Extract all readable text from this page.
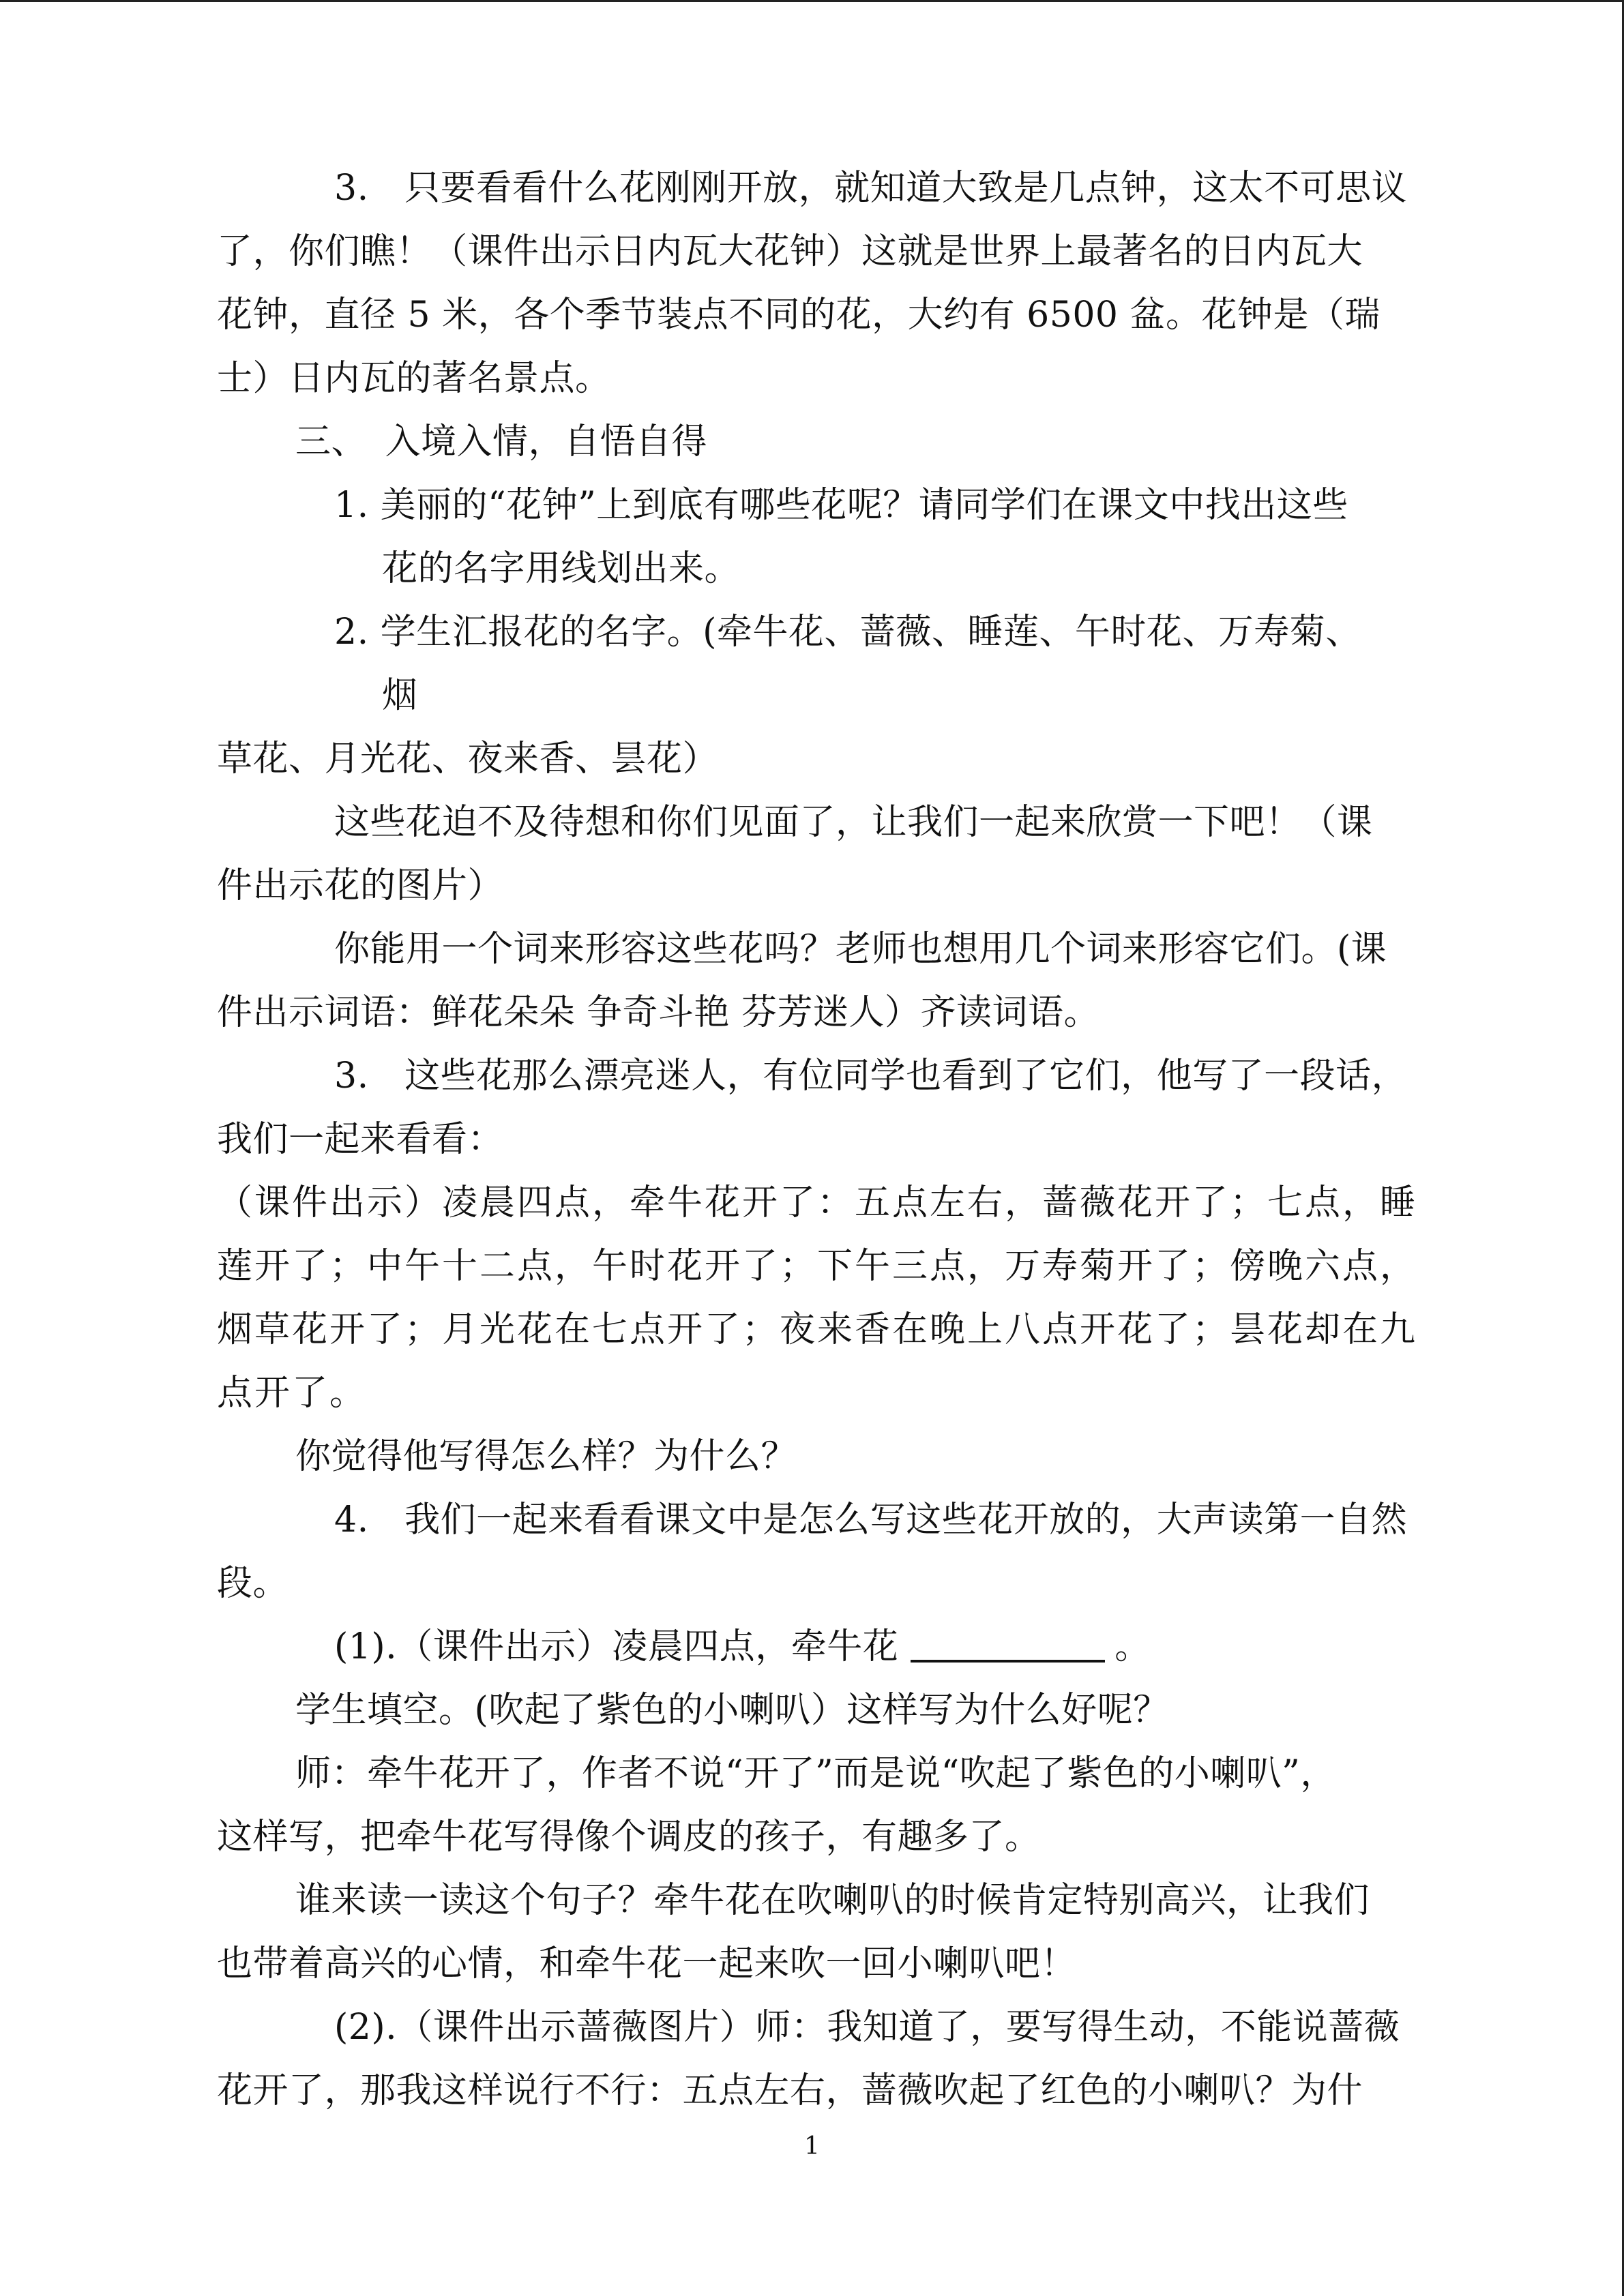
3.　只要看看什么花刚刚开放，就知道大致是几点钟，这太不可思议
了，你们瞧！（课件出示日内瓦大花钟）这就是世界上最著名的日内瓦大
花钟，直径 5 米，各个季节装点不同的花，大约有 6500 盆。花钟是（瑞
士）日内瓦的著名景点。
三、　入境入情，自悟自得
1. 美丽的“花钟”上到底有哪些花呢？请同学们在课文中找出这些
花的名字用线划出来。
2. 学生汇报花的名字。(牵牛花、蔷薇、睡莲、午时花、万寿菊、
烟
草花、月光花、夜来香、昙花）
这些花迫不及待想和你们见面了，让我们一起来欣赏一下吧！（课
件出示花的图片）
你能用一个词来形容这些花吗？老师也想用几个词来形容它们。(课
件出示词语：鲜花朵朵 争奇斗艳 芬芳迷人）齐读词语。
3.　这些花那么漂亮迷人，有位同学也看到了它们，他写了一段话，
我们一起来看看：
（课件出示）凌晨四点，牵牛花开了：五点左右，蔷薇花开了；七点，睡
莲开了；中午十二点，午时花开了；下午三点，万寿菊开了；傍晚六点，
烟草花开了；月光花在七点开了；夜来香在晚上八点开花了；昙花却在九
点开了。
你觉得他写得怎么样？为什么？
4.　我们一起来看看课文中是怎么写这些花开放的，大声读第一自然
段。
(1).（课件出示）凌晨四点，牵牛花	。
学生填空。(吹起了紫色的小喇叭）这样写为什么好呢？
师：牵牛花开了，作者不说“开了”而是说“吹起了紫色的小喇叭”，
这样写，把牵牛花写得像个调皮的孩子，有趣多了。
谁来读一读这个句子？牵牛花在吹喇叭的时候肯定特别高兴，让我们
也带着高兴的心情，和牵牛花一起来吹一回小喇叭吧！
(2).（课件出示蔷薇图片）师：我知道了，要写得生动，不能说蔷薇
花开了，那我这样说行不行：五点左右，蔷薇吹起了红色的小喇叭？为什
1
